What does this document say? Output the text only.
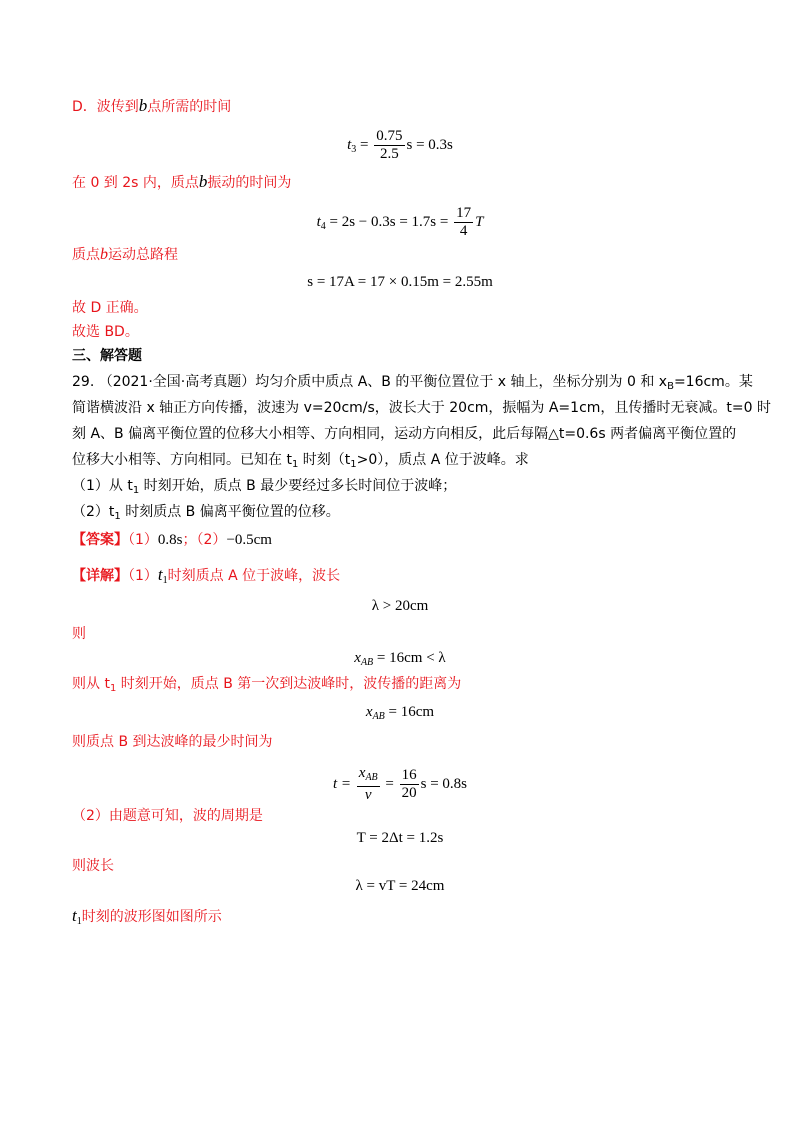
D．波传到b点所需的时间
$t_3 = \frac{0.75}{2.5}$ s = 0.3s
在 0 到 2s 内，质点b振动的时间为
$t_4 = 2s - 0.3s = 1.7s = \frac{17}{4}$ T
质点b运动总路程
s = 17A = 17 × 0.15m = 2.55m
故 D 正确。
故选 BD。
三、解答题
29. （2021·全国·高考真题）均匀介质中质点 A、B 的平衡位置位于 x 轴上，坐标分别为 0 和 $x_B=16cm$。某
简谐横波沿 x 轴正方向传播，波速为 v=20cm/s，波长大于 20cm，振幅为 A=1cm，且传播时无衰减。t=0 时
刻 A、B 偏离平衡位置的位移大小相等、方向相同，运动方向相反，此后每隔△t=0.6s 两者偏离平衡位置的
位移大小相等、方向相同。已知在 $t_1$ 时刻$(t_1>0)$，质点 A 位于波峰。求
（1）从 $t_1$ 时刻开始，质点 B 最少要经过多长时间位于波峰；
$(2)t_1$ 时刻质点 B 偏离平衡位置的位移。
【答案】（1）0.8s；（2）−0.5cm
【详解】$(1)t_1$时刻质点 A 位于波峰，波长
λ > 20cm
则
$x_{AB} = 16cm < \lambda$
则从 $t_1$ 时刻开始，质点 B 第一次到达波峰时，波传播的距离为
$x_{AB} = 16cm$
则质点 B 到达波峰的最少时间为
$t = \frac{x_{AB}}{v} = \frac{16}{20}$ s = 0.8s
（2）由题意可知，波的周期是
T = 2Δt = 1.2s
则波长
λ = vT = 24cm
$t_1$时刻的波形图如图所示
